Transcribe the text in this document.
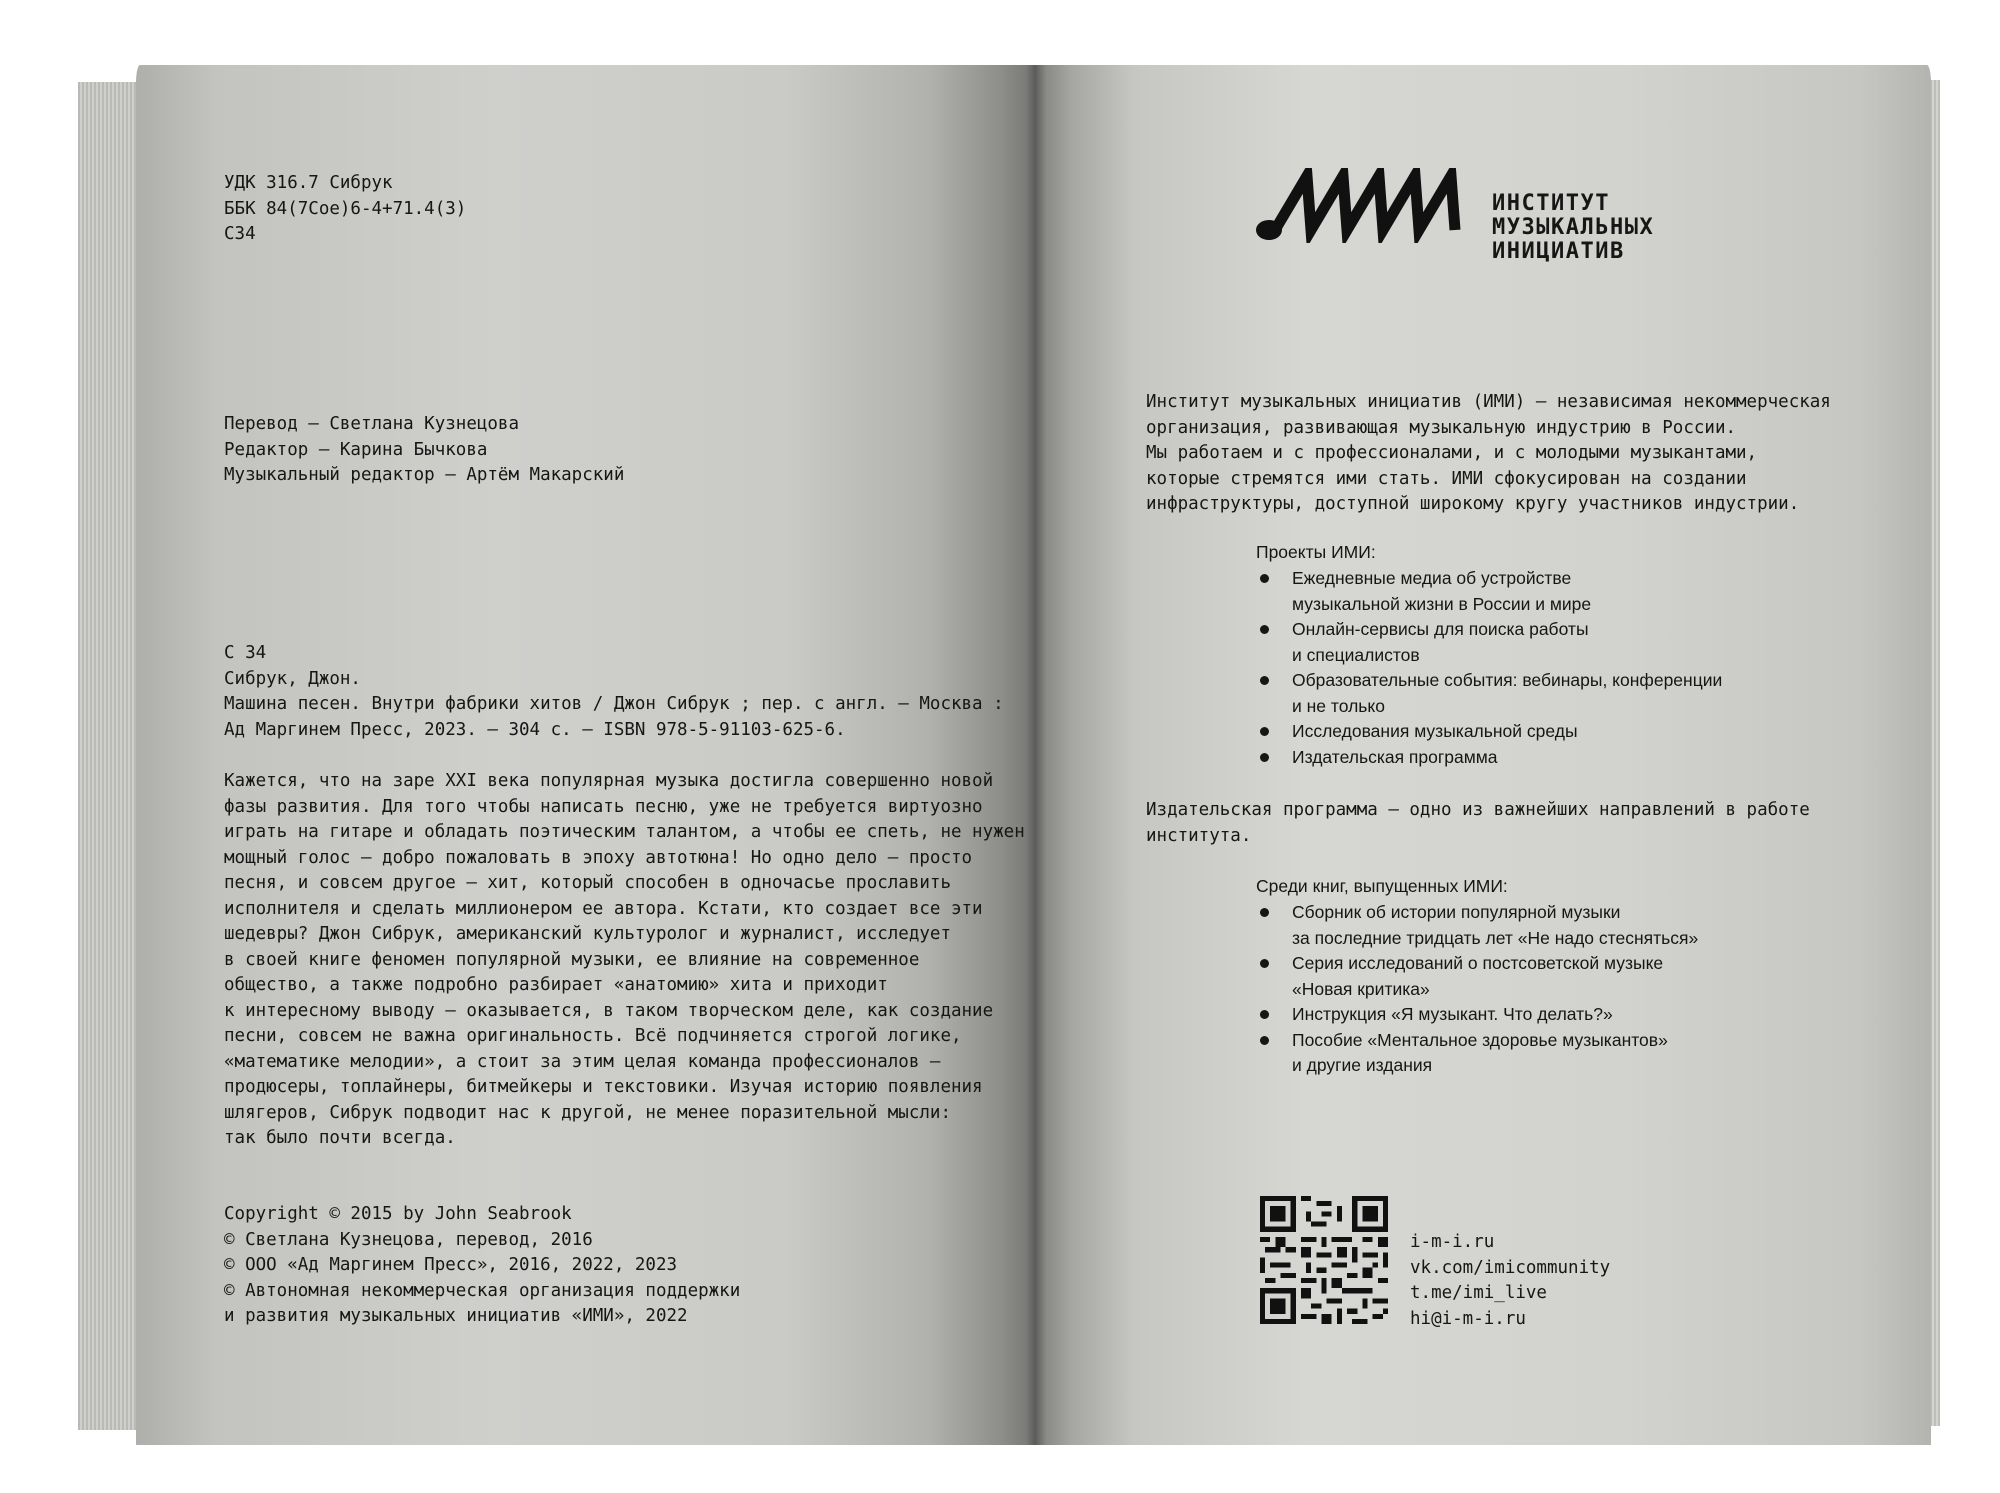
УДК 316.7 Сибрук
ББК 84(7Сое)6-4+71.4(3)
С34
Перевод — Светлана Кузнецова
Редактор — Карина Бычкова
Музыкальный редактор — Артём Макарский
С 34
Сибрук, Джон.
Машина песен. Внутри фабрики хитов / Джон Сибрук ; пер. с англ. — Москва :
Ад Маргинем Пресс, 2023. — 304 с. — ISBN 978-5-91103-625-6.
Кажется, что на заре XXI века популярная музыка достигла совершенно новой
фазы развития. Для того чтобы написать песню, уже не требуется виртуозно
играть на гитаре и обладать поэтическим талантом, а чтобы ее спеть, не нужен
мощный голос — добро пожаловать в эпоху автотюна! Но одно дело — просто
песня, и совсем другое — хит, который способен в одночасье прославить
исполнителя и сделать миллионером ее автора. Кстати, кто создает все эти
шедевры? Джон Сибрук, американский культуролог и журналист, исследует
в своей книге феномен популярной музыки, ее влияние на современное
общество, а также подробно разбирает «анатомию» хита и приходит
к интересному выводу — оказывается, в таком творческом деле, как создание
песни, совсем не важна оригинальность. Всё подчиняется строгой логике,
«математике мелодии», а стоит за этим целая команда профессионалов —
продюсеры, топлайнеры, битмейкеры и текстовики. Изучая историю появления
шлягеров, Сибрук подводит нас к другой, не менее поразительной мысли:
так было почти всегда.
Copyright © 2015 by John Seabrook
© Светлана Кузнецова, перевод, 2016
© ООО «Ад Маргинем Пресс», 2016, 2022, 2023
© Автономная некоммерческая организация поддержки
и развития музыкальных инициатив «ИМИ», 2022
ИНСТИТУТ
МУЗЫКАЛЬНЫХ
ИНИЦИАТИВ
Институт музыкальных инициатив (ИМИ) — независимая некоммерческая
организация, развивающая музыкальную индустрию в России.
Мы работаем и с профессионалами, и с молодыми музыкантами,
которые стремятся ими стать. ИМИ сфокусирован на создании
инфраструктуры, доступной широкому кругу участников индустрии.
Проекты ИМИ:
Ежедневные медиа об устройстве
музыкальной жизни в России и мире
Онлайн-сервисы для поиска работы
и специалистов
Образовательные события: вебинары, конференции
и не только
Исследования музыкальной среды
Издательская программа
Издательская программа — одно из важнейших направлений в работе
института.
Среди книг, выпущенных ИМИ:
Сборник об истории популярной музыки
за последние тридцать лет «Не надо стесняться»
Серия исследований о постсоветской музыке
«Новая критика»
Инструкция «Я музыкант. Что делать?»
Пособие «Ментальное здоровье музыкантов»
и другие издания
i-m-i.ru
vk.com/imicommunity
t.me/imi_live
hi@i-m-i.ru
